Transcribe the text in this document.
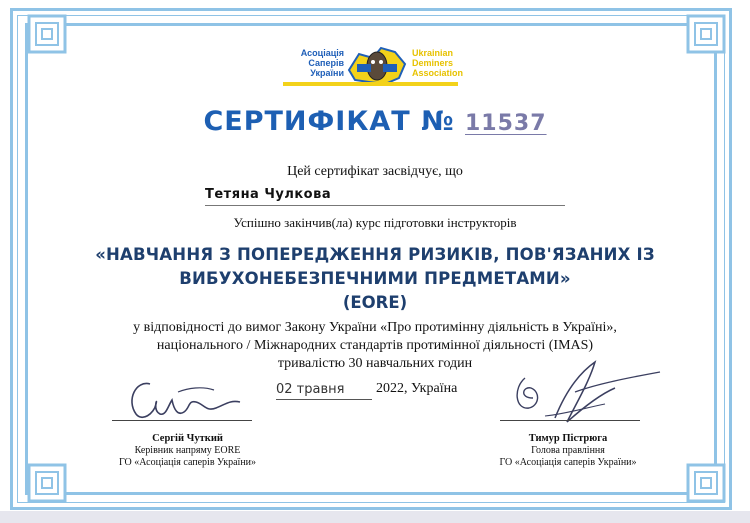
Асоціація
Саперів
України
Ukrainian
Deminers
Association
СЕРТИФІКАТ № 11537
Цей сертифікат засвідчує, що
Тетяна Чулкова
Успішно закінчив(ла) курс підготовки інструкторів
«НАВЧАННЯ З ПОПЕРЕДЖЕННЯ РИЗИКІВ, ПОВ'ЯЗАНИХ ІЗ
ВИБУХОНЕБЕЗПЕЧНИМИ ПРЕДМЕТАМИ»
(EORE)
у відповідності до вимог Закону України «Про протимінну діяльність в Україні»,
національного / Міжнародних стандартів протимінної діяльності (IMAS)
тривалістю 30 навчальних годин
02 травня 2022, Україна
Сергій Чуткий
Керівник напряму EORE
ГО «Асоціація саперів України»
Тимур Пістрюга
Голова правління
ГО «Асоціація саперів України»
